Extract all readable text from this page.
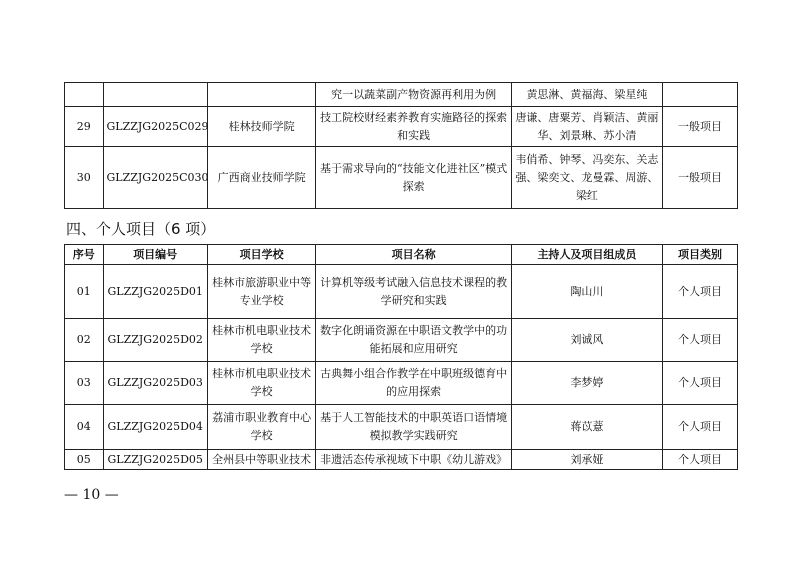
			究一以蔬菜副产物资源再利用为例	黄思淋、黄福海、梁星纯	
29	GLZZJG2025C029	桂林技师学院	技工院校财经素养教育实施路径的探索和实践	唐谦、唐粟芳、肖颖洁、黄丽华、刘景琳、苏小清	一般项目
30	GLZZJG2025C030	广西商业技师学院	基于需求导向的“技能文化进社区”模式探索	韦俏希、钟琴、冯奕东、关志强、梁奕文、龙曼霖、周游、梁红	一般项目
四、个人项目（6 项）
序号	项目编号	项目学校	项目名称	主持人及项目组成员	项目类别
01	GLZZJG2025D01	桂林市旅游职业中等专业学校	计算机等级考试融入信息技术课程的教学研究和实践	陶山川	个人项目
02	GLZZJG2025D02	桂林市机电职业技术学校	数字化朗诵资源在中职语文教学中的功能拓展和应用研究	刘诚风	个人项目
03	GLZZJG2025D03	桂林市机电职业技术学校	古典舞小组合作教学在中职班级德育中的应用探索	李梦婷	个人项目
04	GLZZJG2025D04	荔浦市职业教育中心学校	基于人工智能技术的中职英语口语情境模拟教学实践研究	蒋苡薏	个人项目
05	GLZZJG2025D05	全州县中等职业技术	非遗活态传承视域下中职《幼儿游戏》	刘承娅	个人项目
— 10 —
